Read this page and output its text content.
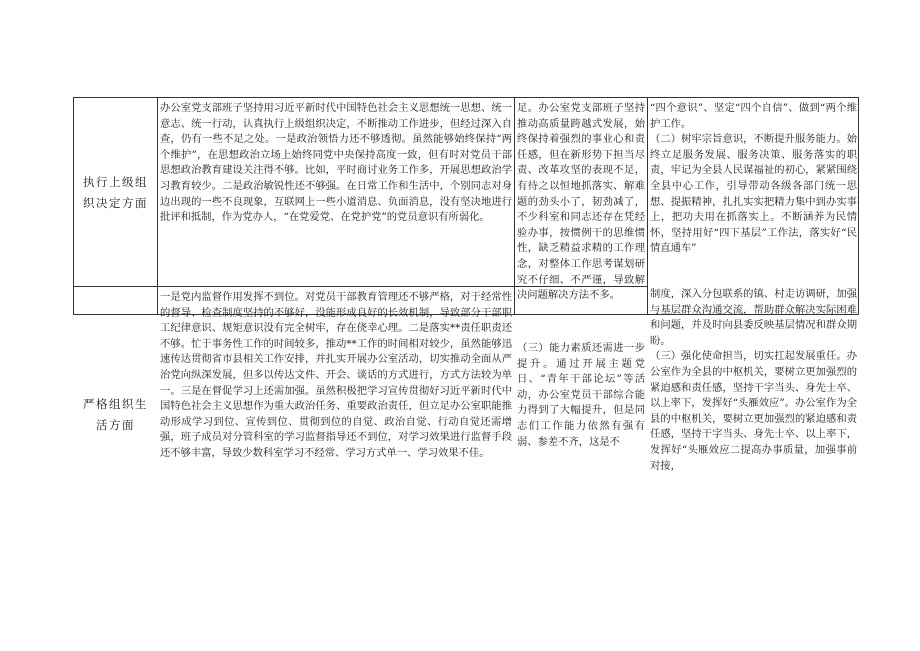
执行上级组织决定方面
严格组织生活方面
办公室党支部班子坚持用习近平新时代中国特色社会主义思想统一思想、统一意志、统一行动，认真执行上级组织决定，不断推动工作进步，但经过深入自查，仍有一些不足之处。一是政治领悟力还不够透彻。虽然能够始终保持“两个维护”，在思想政治立场上始终同党中央保持高度一致，但有时对党员干部思想政治教育建设关注得不够。比如，平时商讨业务工作多，开展思想政治学习教育较少。二是政治敏锐性还不够强。在日常工作和生活中，个别同志对身边出现的一些不良现象，互联网上一些小道消息、负面消息，没有坚决地进行批评和抵制，作为党办人，“在党爱党、在党护党”的党员意识有所弱化。
一是党内监督作用发挥不到位。对党员干部教育管理还不够严格，对于经常性的督导、检查制度坚持的不够好，没能形成良好的长效机制，导致部分干部职工纪律意识、规矩意识没有完全树牢，存在侥幸心理。二是落实**责任职责还不够。忙于事务性工作的时间较多，推动**工作的时间相对较少，虽然能够迅速传达贯彻省市县相关工作安排，并扎实开展办公室活动，切实推动全面从严治党向纵深发展，但多以传达文件、开会、谈话的方式进行，方式方法较为单一。三是在督促学习上还需加强。虽然积极把学习宣传贯彻好习近平新时代中国特色社会主义思想作为重大政治任务、重要政治责任，但立足办公室职能推动形成学习到位、宣传到位、贯彻到位的自觉、政治自觉、行动自觉还需增强，班子成员对分管科室的学习监督指导还不到位，对学习效果进行监督手段还不够丰富，导致少数科室学习不经常、学习方式单一、学习效果不佳。
足。办公室党支部班子坚持推动高质量跨越式发展，始终保持着强烈的事业心和责任感，但在新形势下担当尽责、改革攻坚的表现不足，有待之以恒地抓落实、解难题的劲头小了，韧劲减了，不少科室和同志还存在凭经验办事，按惯例干的思维惯性，缺乏精益求精的工作理念，对整体工作思考谋划研究不仔细、不严谨，导致解决问题解决方法不多。
（三）能力素质还需进一步提升。通过开展主题党日、“青年干部论坛”等活动，办公室党员干部综合能力得到了大幅提升，但是同志们工作能力依然有强有弱、参差不齐，这是不
“四个意识”、坚定“四个自信”、做到“两个维护工作。
（二）树牢宗旨意识，不断提升服务能力。始终立足服务发展、服务决策、服务落实的职责，牢记为全县人民谋福祉的初心，紧紧围绕全县中心工作，引导带动各级各部门统一思想、提振精神，扎扎实实把精力集中到办实事上，把功夫用在抓落实上。不断涵养为民情怀，坚持用好“四下基层”工作法，落实好“民情直通车”
制度，深入分包联系的镇、村走访调研，加强与基层群众沟通交流，帮助群众解决实际困难和问题，并及时向县委反映基层情况和群众期盼。
（三）强化使命担当，切实扛起发展重任。办公室作为全县的中枢机关，要树立更加强烈的紧迫感和责任感，坚持干字当头、身先士卒、以上率下，发挥好“头雁效应”。办公室作为全县的中枢机关，要树立更加强烈的紧迫感和责任感，坚持干字当头、身先士卒、以上率下，发挥好“头雁效应二提高办事质量，加强事前对接，
